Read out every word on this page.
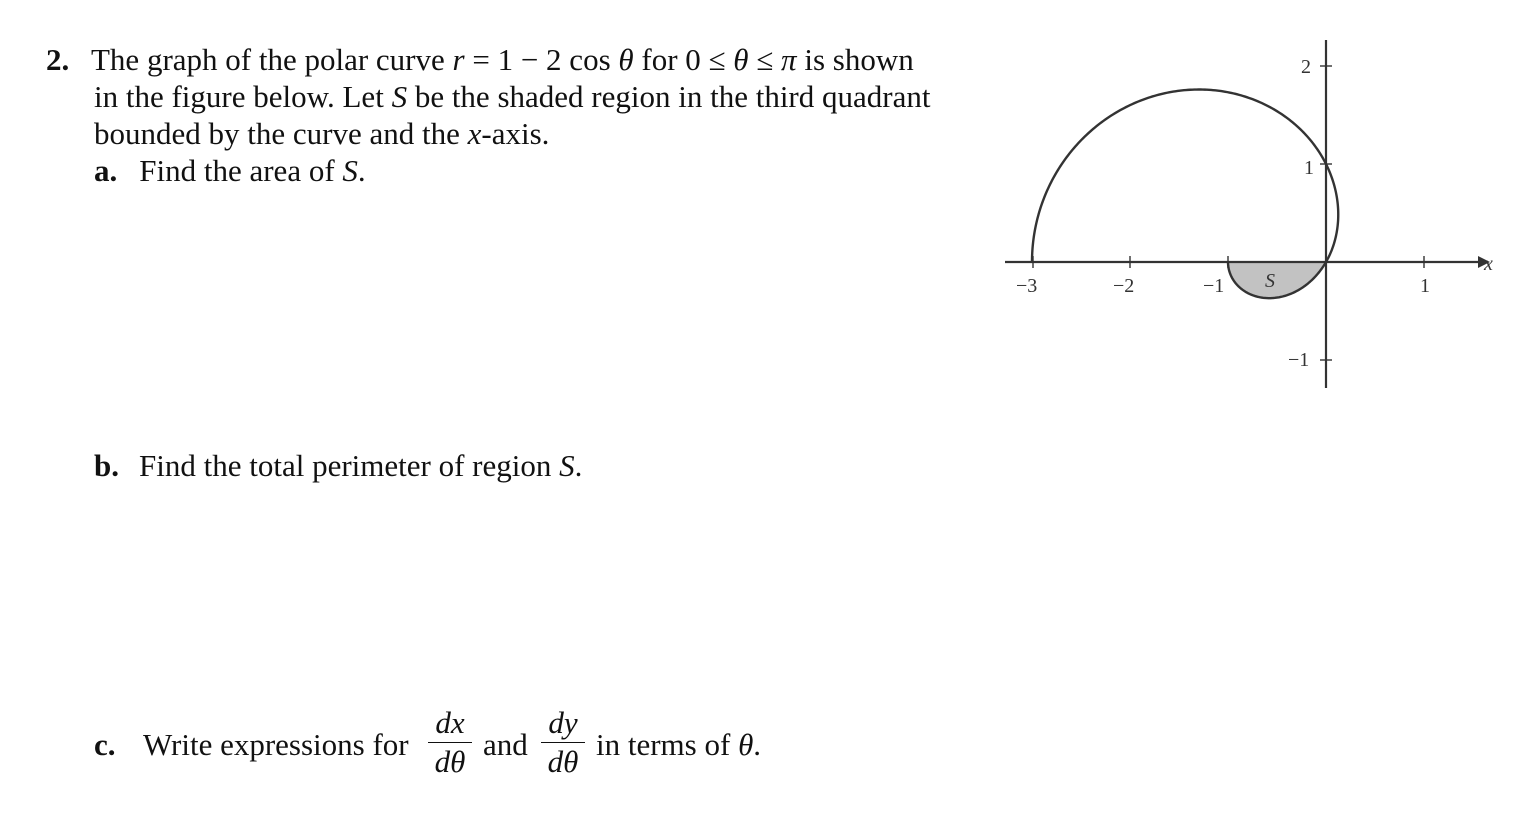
2. The graph of the polar curve r = 1 − 2 cos θ for 0 ≤ θ ≤ π is shown
in the figure below. Let S be the shaded region in the third quadrant
bounded by the curve and the x-axis.
a. Find the area of S.
b. Find the total perimeter of region S.
c. Write expressions for
dx
dθ and
dy
dθ in terms of θ.
−3	−2	−1	1
2
1
−1
x
S
